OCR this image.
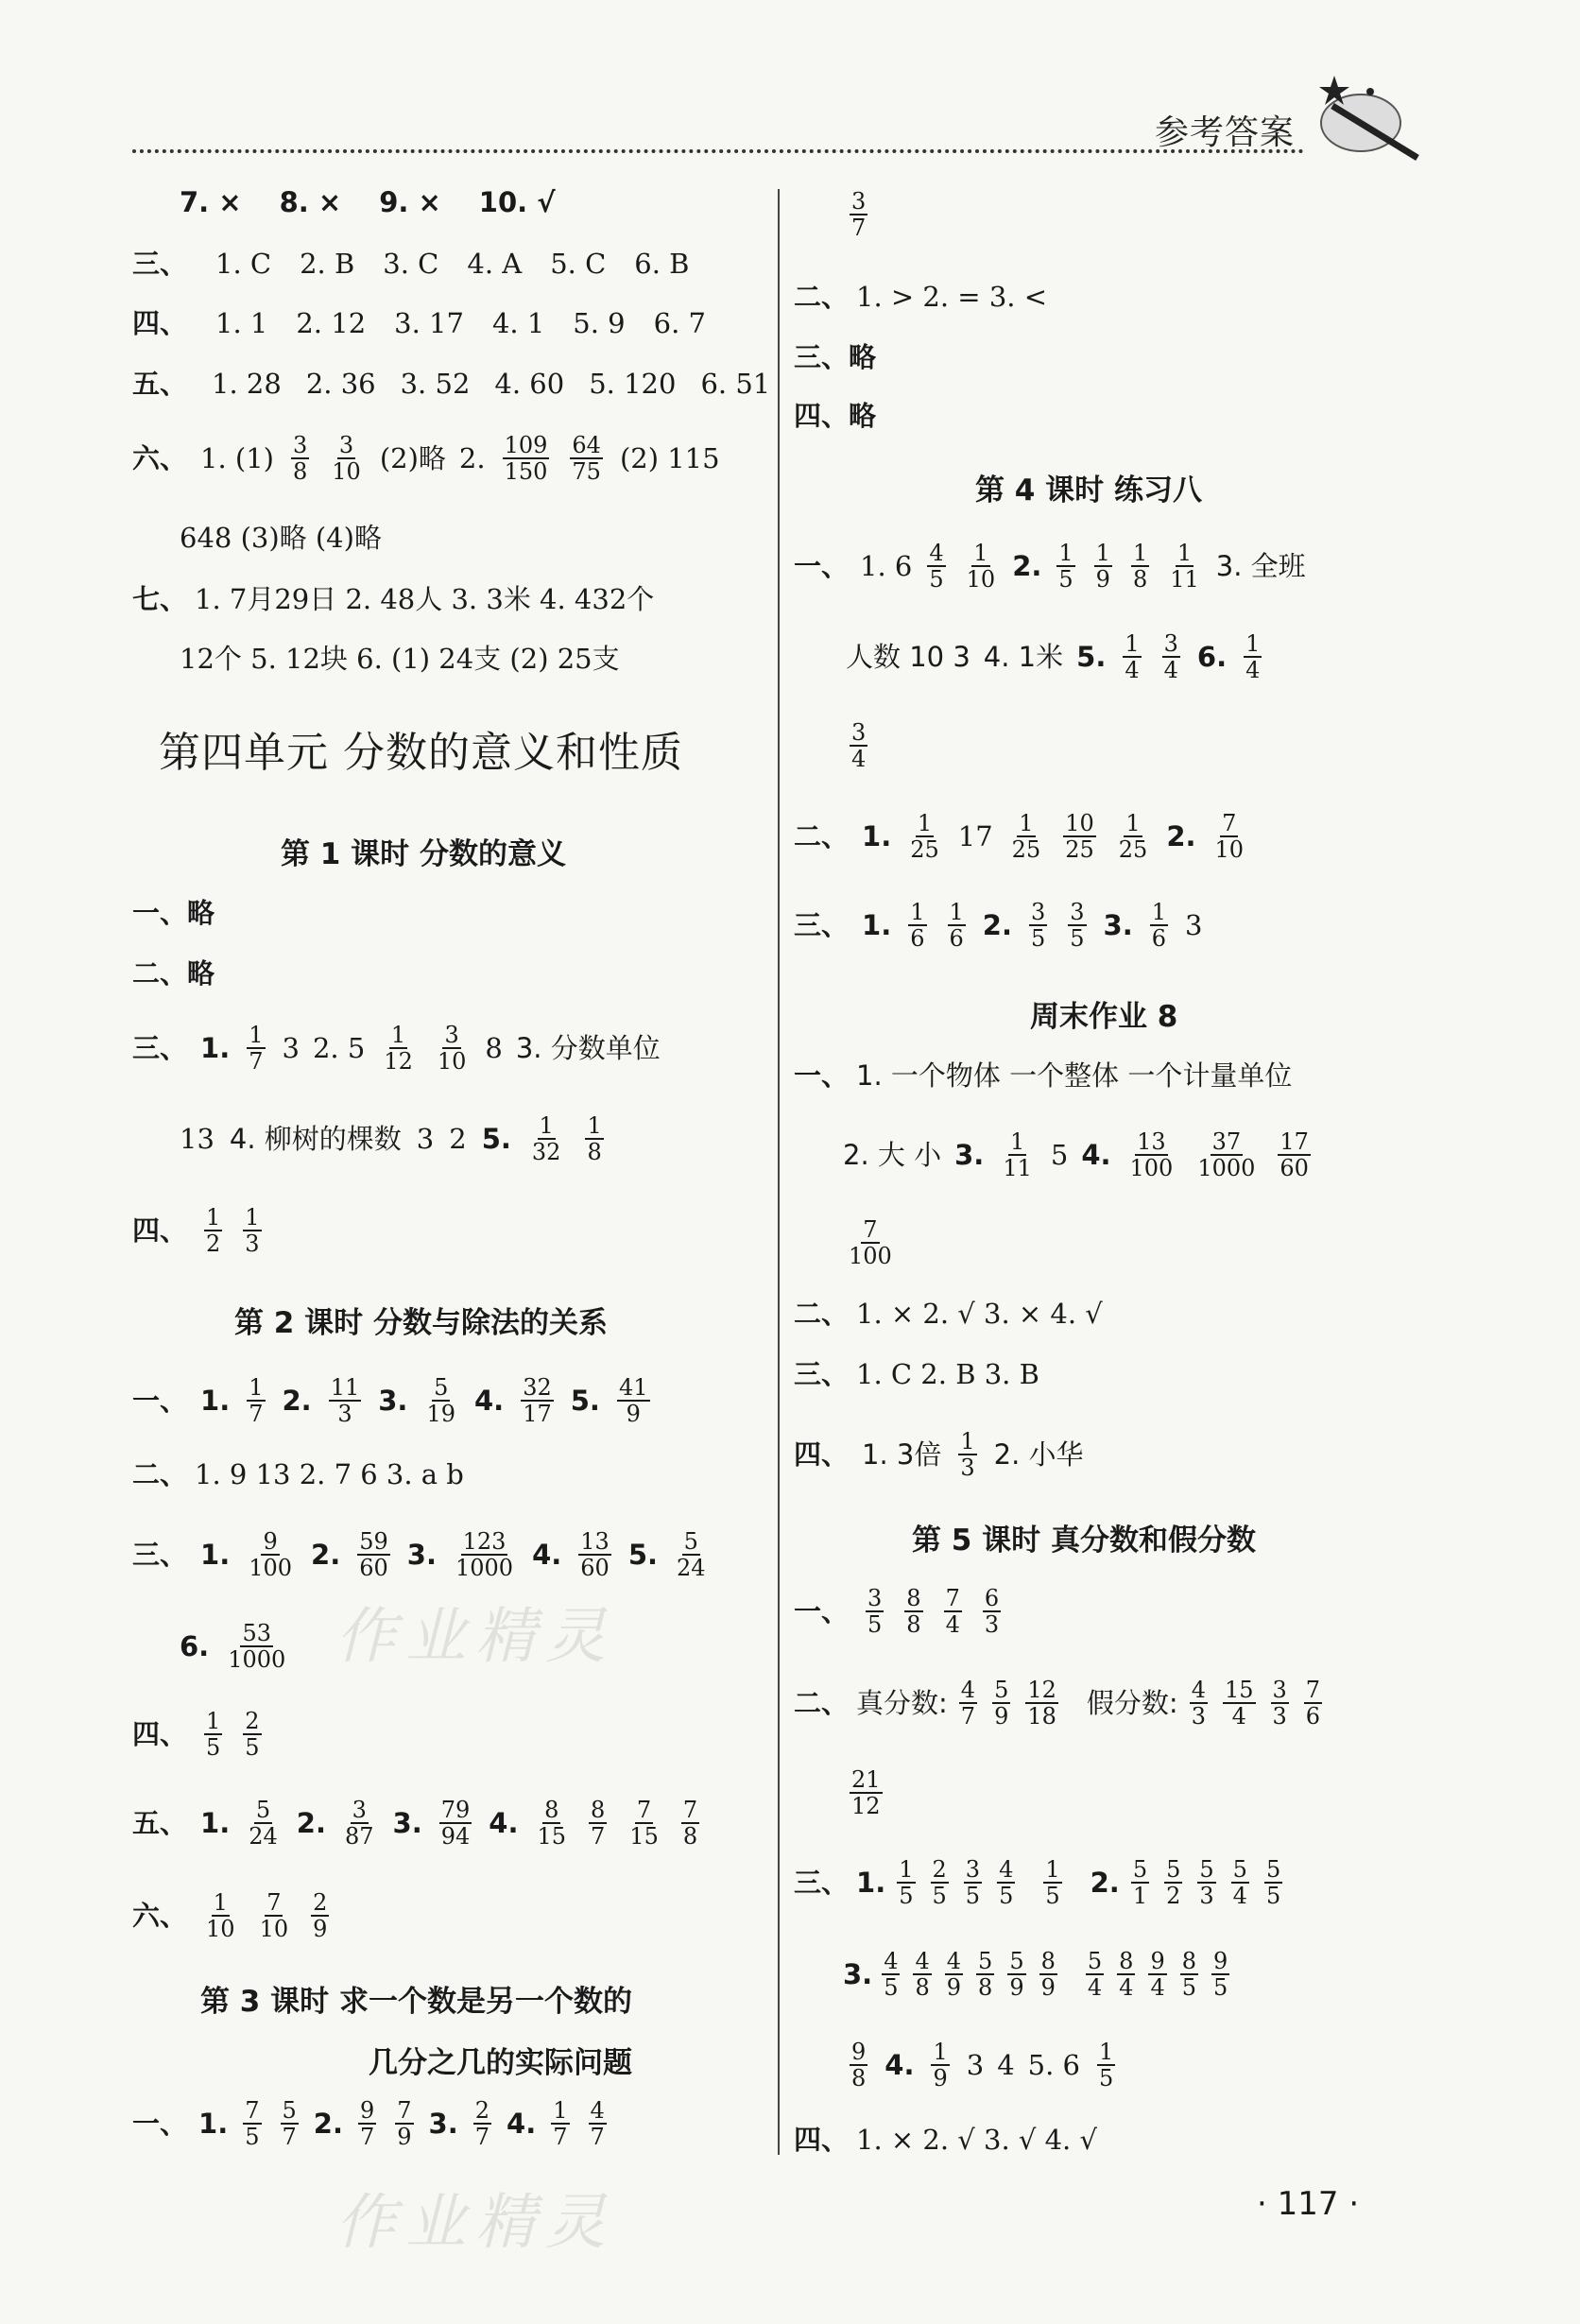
参考答案
作业精灵
作业精灵
7. × 8. × 9. × 10. √
三、 1. C 2. B 3. C 4. A 5. C 6. B
四、 1. 1 2. 12 3. 17 4. 1 5. 9 6. 7
五、 1. 28 2. 36 3. 52 4. 60 5. 120 6. 51
六、 1. $(1) \frac{3}{8} \frac{3}{10} (2)$略 2. $\frac{109}{150} \frac{64}{75} (2)$ 115
648 (3)略 (4)略
七、 1. 7月29日 2. 48人 3. 3米 4. 432个
12个 5. 12块 6. (1) 24支 (2) 25支
第四单元 分数的意义和性质
第 1 课时 分数的意义
一、略
二、略
三、 1. $\frac{1}{7} 3$ 2. $5 \frac{1}{12} \frac{3}{10} 8$ 3. 分数单位
13 4. 柳树的棵数 3 2 5. $\frac{1}{32} \frac{1}{8}$
四、 $\frac{1}{2} \frac{1}{3}$
第 2 课时 分数与除法的关系
一、 1. $\frac{1}{7} 2$. $\frac{11}{3} 3$. $\frac{5}{19} 4$. $\frac{32}{17} 5$. $\frac{41}{9}$
二、 1. 9 13 2. 7 6 3. a b
三、 1. $\frac{9}{100} 2$. $\frac{59}{60} 3$. $\frac{123}{1000} 4$. $\frac{13}{60} 5$. $\frac{5}{24}$
6. $\frac{53}{1000}$
四、 $\frac{1}{5} \frac{2}{5}$
五、 1. $\frac{5}{24} 2$. $\frac{3}{87} 3$. $\frac{79}{94} 4$. $\frac{8}{15} \frac{8}{7} \frac{7}{15} \frac{7}{8}$
六、 $\frac{1}{10} \frac{7}{10} \frac{2}{9}$
第 3 课时 求一个数是另一个数的
几分之几的实际问题
一、 1. $\frac{7}{5} \frac{5}{7} 2$. $\frac{9}{7} \frac{7}{9} 3$. $\frac{2}{7} 4$. $\frac{1}{7} \frac{4}{7}$
$\frac{3}{7}$
二、 1. > 2. = 3. <
三、略
四、略
第 4 课时 练习八
一、 1. $6 \frac{4}{5} \frac{1}{10} 2$. $\frac{1}{5} \frac{1}{9} \frac{1}{8} \frac{1}{11} 3$. 全班
人数 10 3 4. 1米 5. $\frac{1}{4} \frac{3}{4} 6$. $\frac{1}{4}$
$\frac{3}{4}$
二、 1. $\frac{1}{25} 17 \frac{1}{25} \frac{10}{25} \frac{1}{25} 2$. $\frac{7}{10}$
三、 1. $\frac{1}{6} \frac{1}{6} 2$. $\frac{3}{5} \frac{3}{5} 3$. $\frac{1}{6} 3$
周末作业 8
一、 1. 一个物体 一个整体 一个计量单位
2. 大 小 3. $\frac{1}{11} 5$ 4. $\frac{13}{100} \frac{37}{1000} \frac{17}{60}$
$\frac{7}{100}$
二、 1. × 2. √ 3. × 4. √
三、 1. C 2. B 3. B
四、 1. 3倍 $\frac{1}{3} 2$. 小华
第 5 课时 真分数和假分数
一、 $\frac{3}{5} \frac{8}{8} \frac{7}{4} \frac{6}{3}$
二、 真分数: $\frac{4}{7} \frac{5}{9} \frac{12}{18}$ 假分数: $\frac{4}{3} \frac{15}{4} \frac{3}{3} \frac{7}{6}$
$\frac{21}{12}$
三、 1. $\frac{1}{5} \frac{2}{5} \frac{3}{5} \frac{4}{5} \frac{1}{5} 2$. $\frac{5}{1} \frac{5}{2} \frac{5}{3} \frac{5}{4} \frac{5}{5}$
3. $\frac{4}{5} \frac{4}{8} \frac{4}{9} \frac{5}{8} \frac{5}{9} \frac{8}{9} \frac{5}{4} \frac{8}{4} \frac{9}{4} \frac{8}{5} \frac{9}{5}$
$\frac{9}{8} 4$. $\frac{1}{9} 3$ 4 5. $6 \frac{1}{5}$
四、 1. × 2. √ 3. √ 4. √
· 117 ·
